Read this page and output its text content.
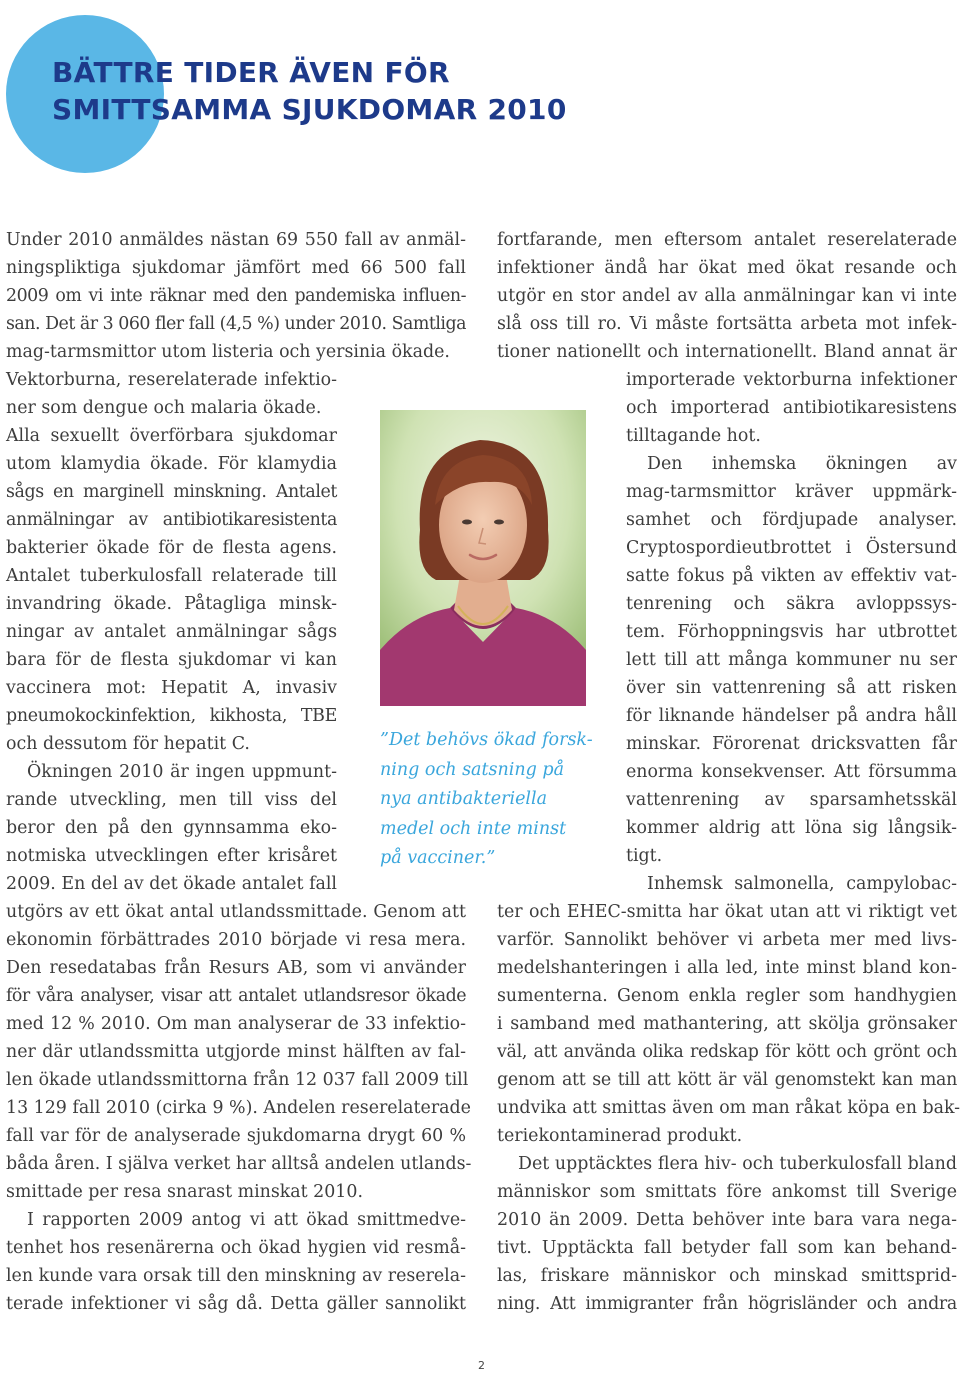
BÄTTRE TIDER ÄVEN FÖR
SMITTSAMMA SJUKDOMAR 2010
Under 2010 anmäldes nästan 69 550 fall av anmäl-
ningspliktiga sjukdomar jämfört med 66 500 fall
2009 om vi inte räknar med den pandemiska influen-
san. Det är 3 060 fler fall (4,5 %) under 2010. Samtliga
mag-tarmsmittor utom listeria och yersinia ökade.
Vektorburna, reserelaterade infektio-
ner som dengue och malaria ökade.
Alla sexuellt överförbara sjukdomar
utom klamydia ökade. För klamydia
sågs en marginell minskning. Antalet
anmälningar av antibiotikaresistenta
bakterier ökade för de flesta agens.
Antalet tuberkulosfall relaterade till
invandring ökade. Påtagliga minsk-
ningar av antalet anmälningar sågs
bara för de flesta sjukdomar vi kan
vaccinera mot: Hepatit A, invasiv
pneumokockinfektion, kikhosta, TBE
och dessutom för hepatit C.
Ökningen 2010 är ingen uppmunt-
rande utveckling, men till viss del
beror den på den gynnsamma eko-
notmiska utvecklingen efter krisåret
2009. En del av det ökade antalet fall
utgörs av ett ökat antal utlandssmittade. Genom att
ekonomin förbättrades 2010 började vi resa mera.
Den resedatabas från Resurs AB, som vi använder
för våra analyser, visar att antalet utlandsresor ökade
med 12 % 2010. Om man analyserar de 33 infektio-
ner där utlandssmitta utgjorde minst hälften av fal-
len ökade utlandssmittorna från 12 037 fall 2009 till
13 129 fall 2010 (cirka 9 %). Andelen reserelaterade
fall var för de analyserade sjukdomarna drygt 60 %
båda åren. I själva verket har alltså andelen utlands-
smittade per resa snarast minskat 2010.
I rapporten 2009 antog vi att ökad smittmedve-
tenhet hos resenärerna och ökad hygien vid resmå-
len kunde vara orsak till den minskning av reserela-
terade infektioner vi såg då. Detta gäller sannolikt

”Det behövs ökad forsk-
ning och satsning på
nya antibakteriella
medel och inte minst
på vacciner.”

fortfarande, men eftersom antalet reserelaterade
infektioner ändå har ökat med ökat resande och
utgör en stor andel av alla anmälningar kan vi inte
slå oss till ro. Vi måste fortsätta arbeta mot infek-
tioner nationellt och internationellt. Bland annat är
importerade vektorburna infektioner
och importerad antibiotikaresistens
tilltagande hot.
Den inhemska ökningen av
mag-tarmsmittor kräver uppmärk-
samhet och fördjupade analyser.
Cryptospordieutbrottet i Östersund
satte fokus på vikten av effektiv vat-
tenrening och säkra avloppssys-
tem. Förhoppningsvis har utbrottet
lett till att många kommuner nu ser
över sin vattenrening så att risken
för liknande händelser på andra håll
minskar. Förorenat dricksvatten får
enorma konsekvenser. Att försumma
vattenrening av sparsamhetsskäl
kommer aldrig att löna sig långsik-
tigt.
Inhemsk salmonella, campylobac-
ter och EHEC-smitta har ökat utan att vi riktigt vet
varför. Sannolikt behöver vi arbeta mer med livs-
medelshanteringen i alla led, inte minst bland kon-
sumenterna. Genom enkla regler som handhygien
i samband med mathantering, att skölja grönsaker
väl, att använda olika redskap för kött och grönt och
genom att se till att kött är väl genomstekt kan man
undvika att smittas även om man råkat köpa en bak-
teriekontaminerad produkt.
Det upptäcktes flera hiv- och tuberkulosfall bland
människor som smittats före ankomst till Sverige
2010 än 2009. Detta behöver inte bara vara nega-
tivt. Upptäckta fall betyder fall som kan behand-
las, friskare människor och minskad smittsprid-
ning. Att immigranter från högrisländer och andra
2
